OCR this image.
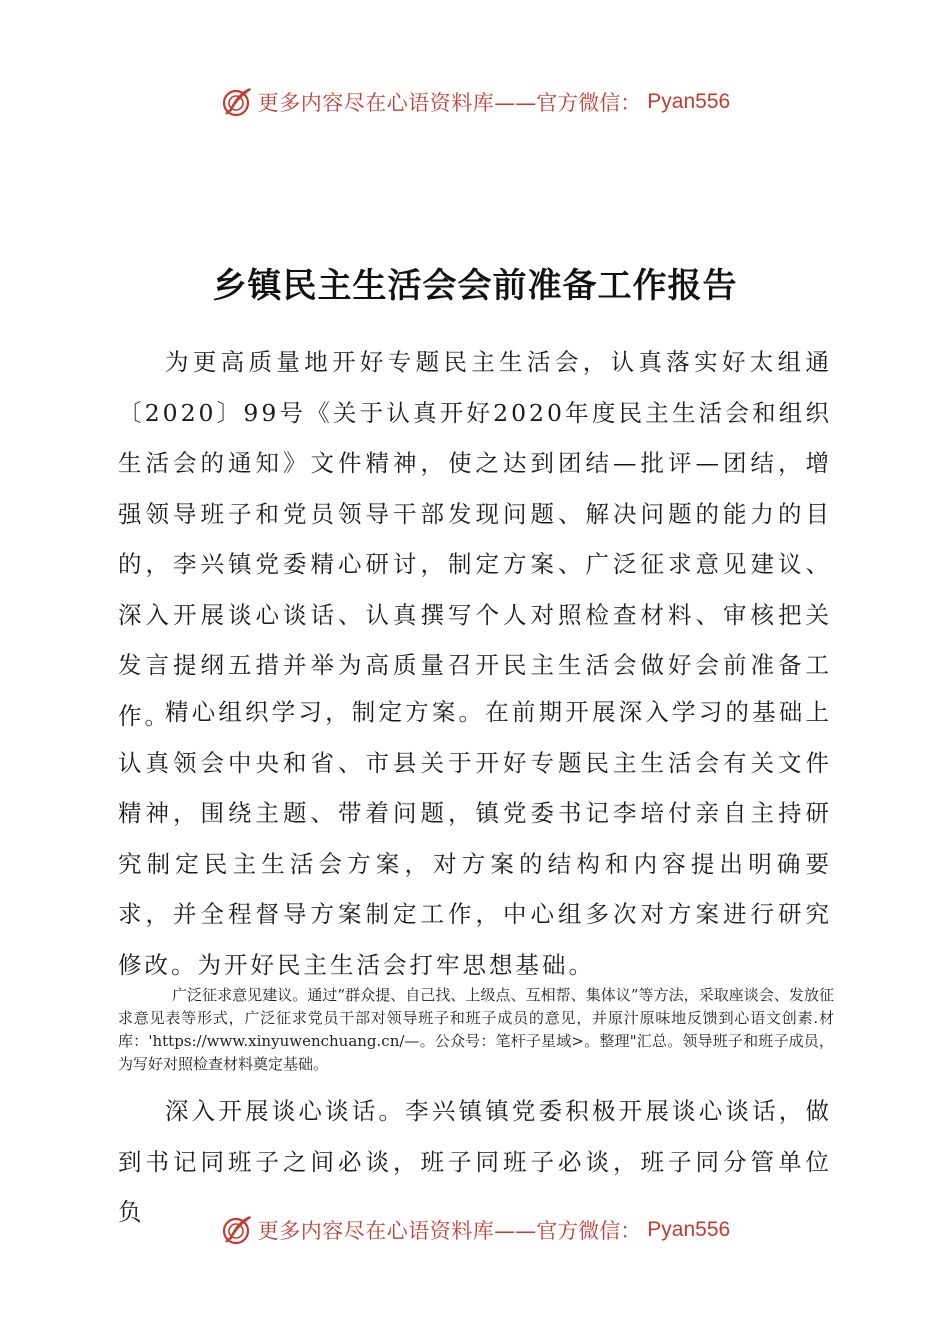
更多内容尽在心语资料库 ——官方微信： Pyan556
乡镇民主生活会会前准备工作报告

为更高质量地开好专题民主生活会，认真落实好太组通〔2020〕99号《关于认真开好2020年度民主生活会和组织生活会的通知》文件精神，使之达到团结—批评—团结，增强领导班子和党员领导干部发现问题、解决问题的能力的目的，李兴镇党委精心研讨，制定方案、广泛征求意见建议、深入开展谈心谈话、认真撰写个人对照检查材料、审核把关发言提纲五措并举为高质量召开民主生活会做好会前准备工作。

精心组织学习，制定方案。在前期开展深入学习的基础上认真领会中央和省、市县关于开好专题民主生活会有关文件精神，围绕主题、带着问题，镇党委书记李培付亲自主持研究制定民主生活会方案，对方案的结构和内容提出明确要求，并全程督导方案制定工作，中心组多次对方案进行研究修改。为开好民主生活会打牢思想基础。

广泛征求意见建议。通过“群众提、自己找、上级点、互相帮、集体议”等方法，采取座谈会、发放征求意见表等形式，广泛征求党员干部对领导班子和班子成员的意见，并原汁原味地反馈到心语文创素.材库：'https://www.xinyuwenchuang.cn/—。公众号：笔杆子星域>。整理"汇总。领导班子和班子成员，为写好对照检查材料奠定基础。

深入开展谈心谈话。李兴镇镇党委积极开展谈心谈话，做到书记同班子之间必谈，班子同班子必谈，班子同分管单位负

更多内容尽在心语资料库 ——官方微信： Pyan556
